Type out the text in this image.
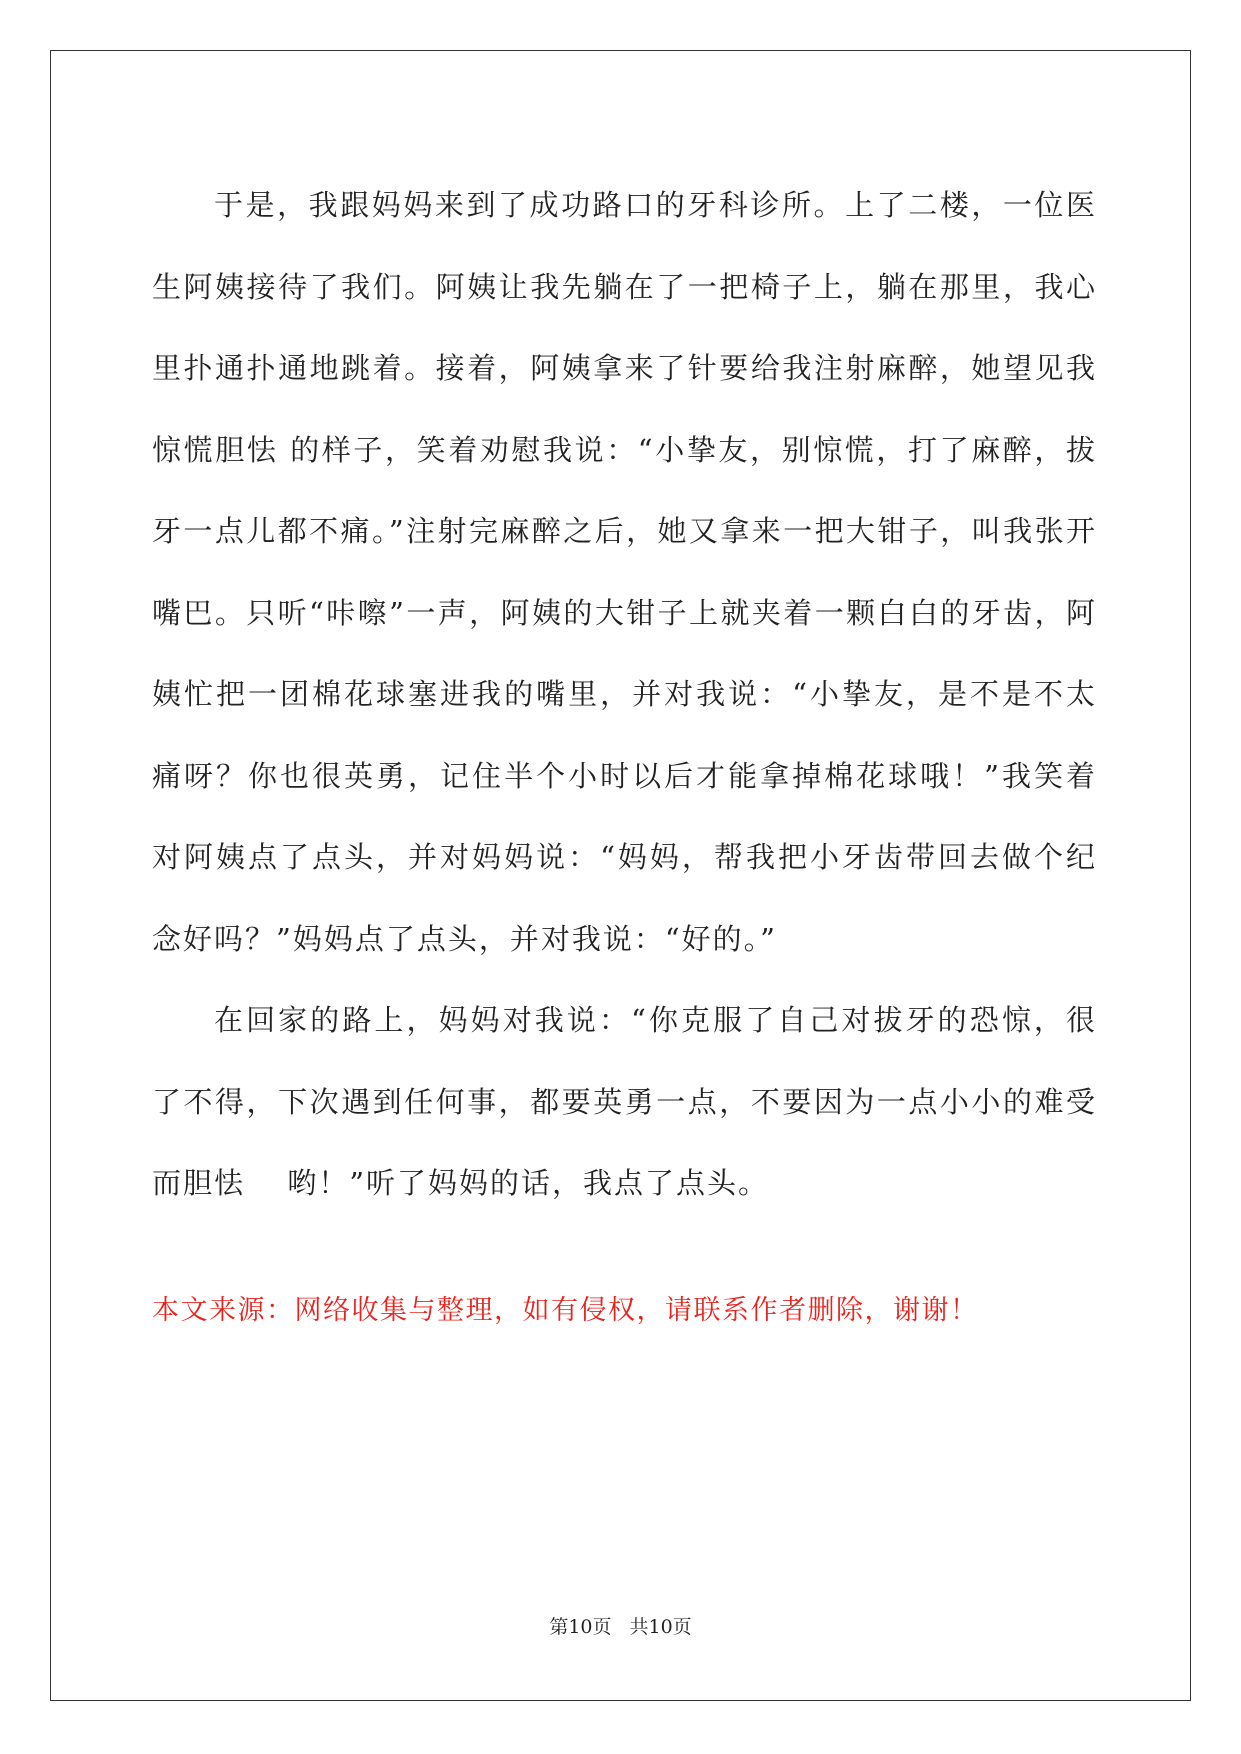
于是，我跟妈妈来到了成功路口的牙科诊所。上了二楼，一位医生阿姨接待了我们。阿姨让我先躺在了一把椅子上，躺在那里，我心里扑通扑通地跳着。接着，阿姨拿来了针要给我注射麻醉，她望见我惊慌胆怯 的样子，笑着劝慰我说：“小挚友，别惊慌，打了麻醉，拔牙一点儿都不痛。”注射完麻醉之后，她又拿来一把大钳子，叫我张开嘴巴。只听“咔嚓”一声，阿姨的大钳子上就夹着一颗白白的牙齿，阿姨忙把一团棉花球塞进我的嘴里，并对我说：“小挚友，是不是不太痛呀？你也很英勇，记住半个小时以后才能拿掉棉花球哦！”我笑着对阿姨点了点头，并对妈妈说：“妈妈，帮我把小牙齿带回去做个纪念好吗？”妈妈点了点头，并对我说：“好的。”

在回家的路上，妈妈对我说：“你克服了自己对拔牙的恐惊，很了不得，下次遇到任何事，都要英勇一点，不要因为一点小小的难受而胆怯　 哟！”听了妈妈的话，我点了点头。

本文来源：网络收集与整理，如有侵权，请联系作者删除，谢谢！

第10页 共10页
